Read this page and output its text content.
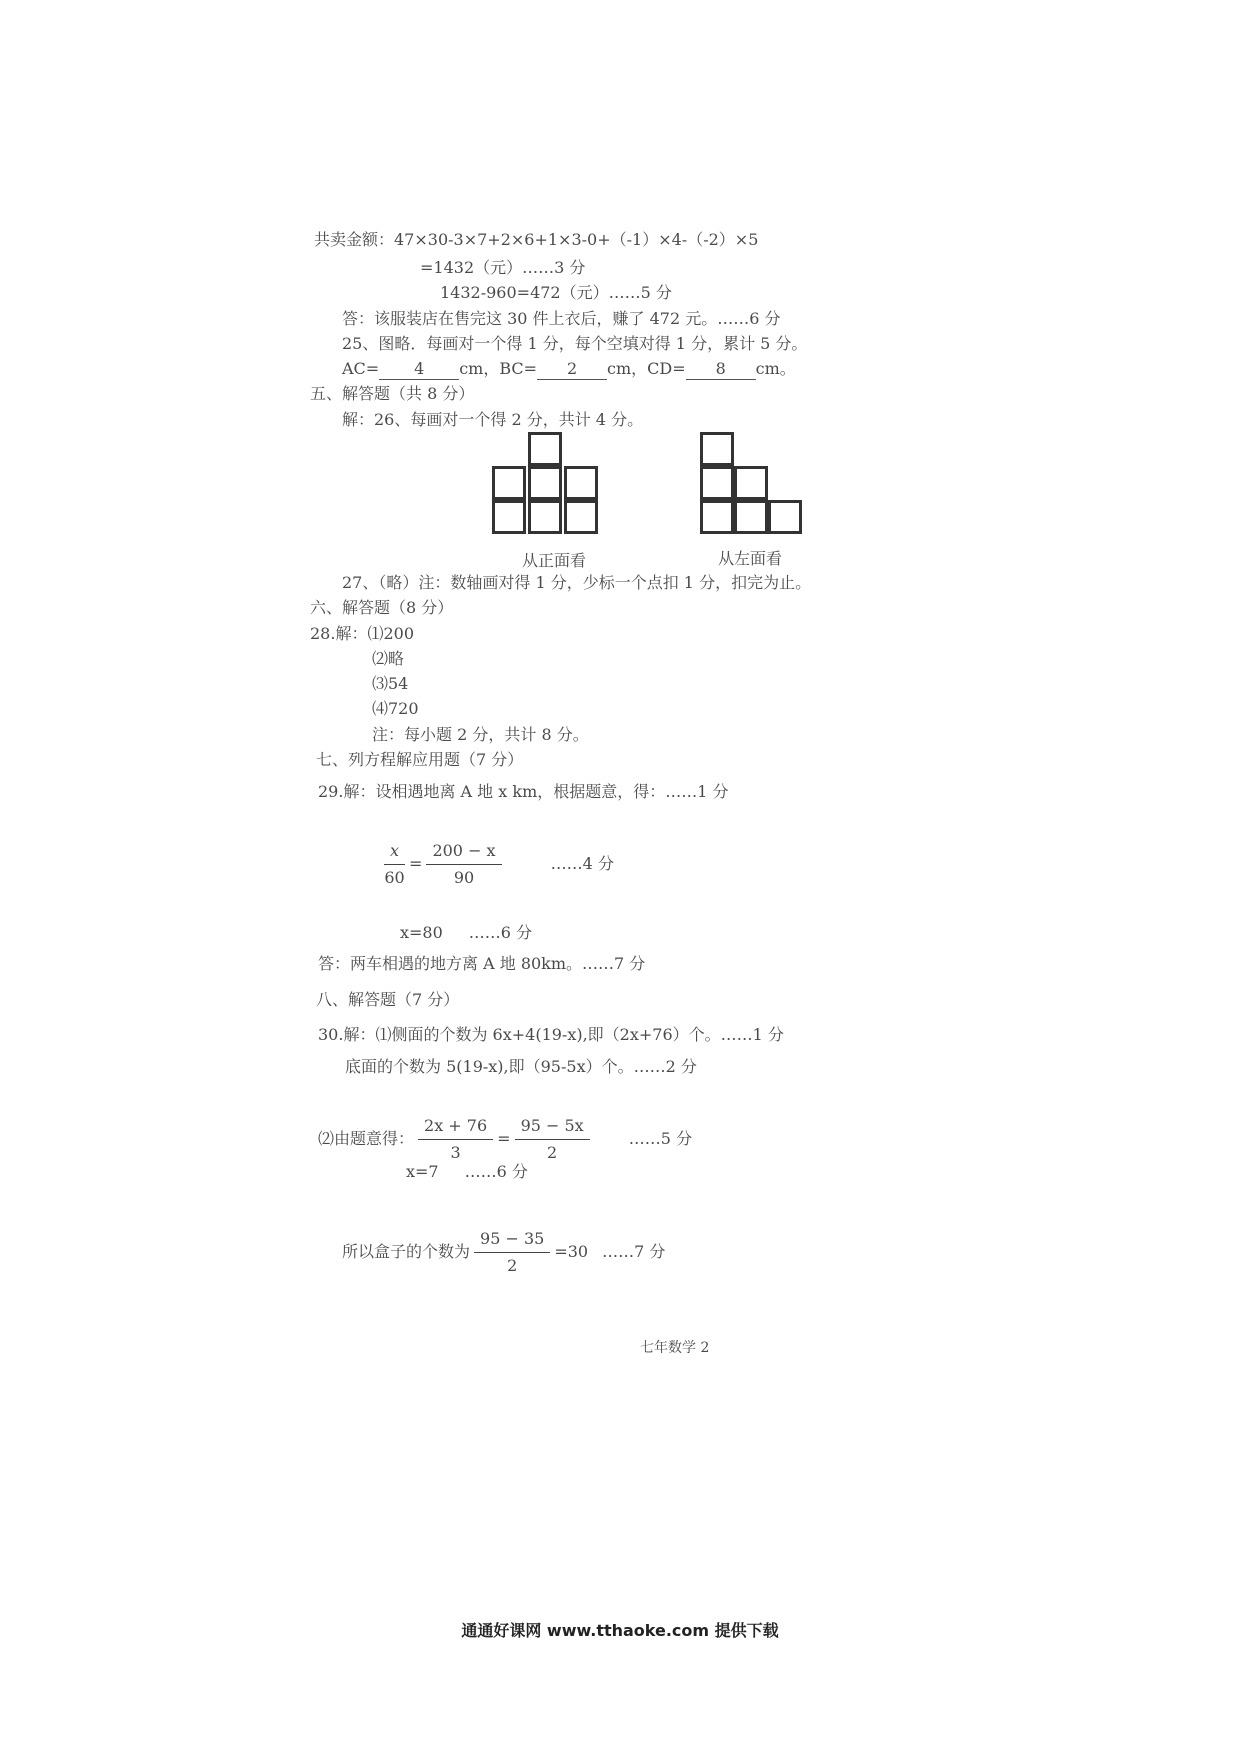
共卖金额：47×30-3×7+2×6+1×3-0+（-1）×4-（-2）×5
=1432（元）……3 分
1432-960=472（元）……5 分
答：该服装店在售完这 30 件上衣后，赚了 472 元。……6 分
25、图略．每画对一个得 1 分，每个空填对得 1 分，累计 5 分。
AC= 4 cm，BC= 2 cm，CD= 8 cm。
五、解答题（共 8 分）
解：26、每画对一个得 2 分，共计 4 分。
从正面看	从左面看
27、（略）注：数轴画对得 1 分，少标一个点扣 1 分，扣完为止。
六、解答题（8 分）
28.解：⑴200
⑵略
⑶54
⑷720
注：每小题 2 分，共计 8 分。
七、列方程解应用题（7 分）
29.解：设相遇地离 A 地 x km，根据题意，得：……1 分
$\frac{x}{60} = \frac{200 - x}{90}$	……4 分
x=80 ……6 分
答：两车相遇的地方离 A 地 80km。……7 分
八、解答题（7 分）
30.解：⑴侧面的个数为 6x+4(19-x),即（2x+76）个。……1 分
底面的个数为 5(19-x),即（95-5x）个。……2 分
⑵由题意得： $\frac{2x + 76}{3} = \frac{95 - 5x}{2}$ ……5 分
x=7 ……6 分
所以盒子的个数为 $\frac{95 - 35}{2} =30$ ……7 分
七年数学 2
通通好课网 www.tthaoke.com 提供下载
